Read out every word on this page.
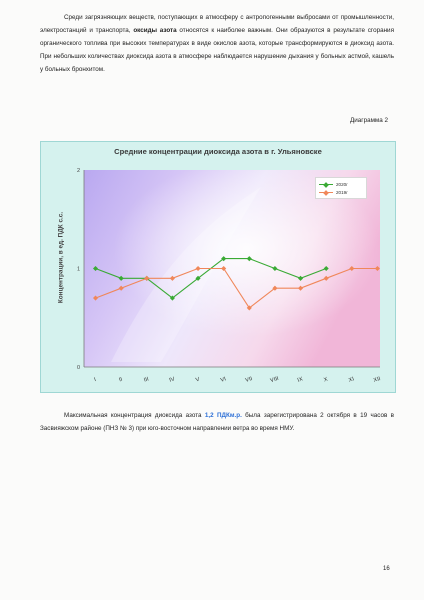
Среди загрязняющих веществ, поступающих в атмосферу с антропогенными выбросами от промышленности, электростанций и транспорта, оксиды азота относятся к наиболее важным. Они образуются в результате сгорания органического топлива при высоких температурах в виде окислов азота, которые трансформируются в диоксид азота. При небольших количествах диоксида азота в атмосфере наблюдается нарушение дыхания у больных астмой, кашель у больных бронхитом.

Диаграмма 2
0
1
2
I	II	III	IV	V	VI	VII	VIII	IX	X	XI	XII
Средние концентрации диоксида азота в г. Ульяновске
Концентрации, в ед. ПДК с.с.
2020г
2019г

Максимальная концентрация диоксида азота 1,2 ПДКм.р. была зарегистрирована 2 октября в 19 часов в Засвияжском районе (ПНЗ № 3) при юго-восточном направлении ветра во время НМУ.

16
